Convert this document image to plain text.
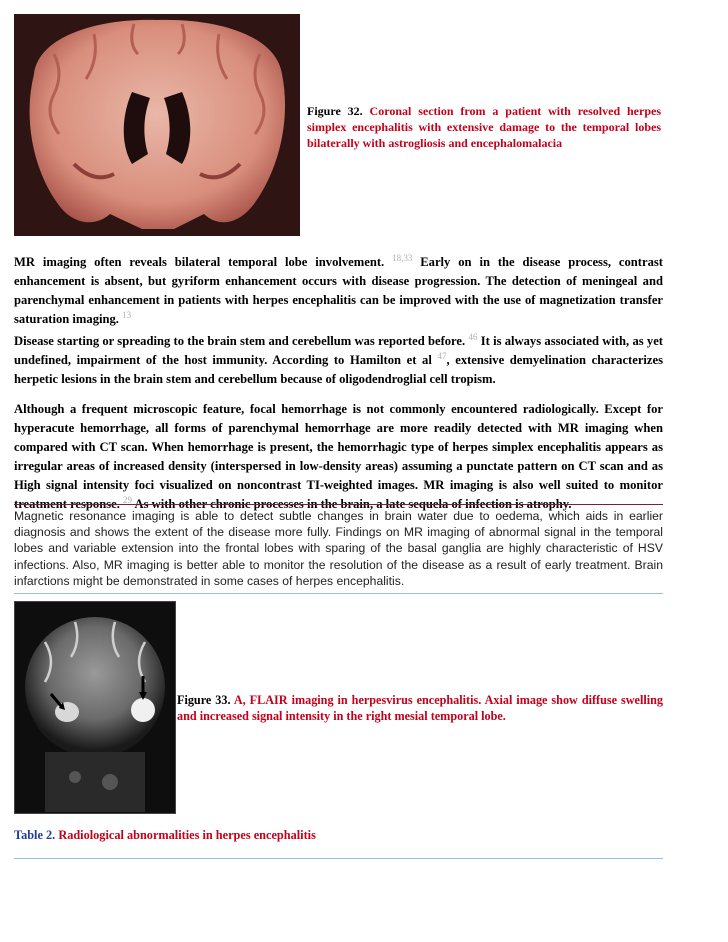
Figure 32. Coronal section from a patient with resolved herpes simplex encephalitis with extensive damage to the temporal lobes bilaterally with astrogliosis and encephalomalacia
MR imaging often reveals bilateral temporal lobe involvement. $^{18,33}$ Early on in the disease process, contrast enhancement is absent, but gyriform enhancement occurs with disease progression. The detection of meningeal and parenchymal enhancement in patients with herpes encephalitis can be improved with the use of magnetization transfer saturation imaging. $^{13}$
Disease starting or spreading to the brain stem and cerebellum was reported before. $^{46}$ It is always associated with, as yet undefined, impairment of the host immunity. According to Hamilton et al $^{47}$, extensive demyelination characterizes herpetic lesions in the brain stem and cerebellum because of oligodendroglial cell tropism.
Although a frequent microscopic feature, focal hemorrhage is not commonly encountered radiologically. Except for hyperacute hemorrhage, all forms of parenchymal hemorrhage are more readily detected with MR imaging when compared with CT scan. When hemorrhage is present, the hemorrhagic type of herpes simplex encephalitis appears as irregular areas of increased density (interspersed in low-density areas) assuming a punctate pattern on CT scan and as High signal intensity foci visualized on noncontrast TI-weighted images. MR imaging is also well suited to monitor treatment response. $^{29}$ As with other chronic processes in the brain, a late sequela of infection is atrophy.
Magnetic resonance imaging is able to detect subtle changes in brain water due to oedema, which aids in earlier diagnosis and shows the extent of the disease more fully. Findings on MR imaging of abnormal signal in the temporal lobes and variable extension into the frontal lobes with sparing of the basal ganglia are highly characteristic of HSV infections. Also, MR imaging is better able to monitor the resolution of the disease as a result of early treatment. Brain infarctions might be demonstrated in some cases of herpes encephalitis.
Figure 33. A, FLAIR imaging in herpesvirus encephalitis. Axial image show diffuse swelling and increased signal intensity in the right mesial temporal lobe.
Table 2. Radiological abnormalities in herpes encephalitis
